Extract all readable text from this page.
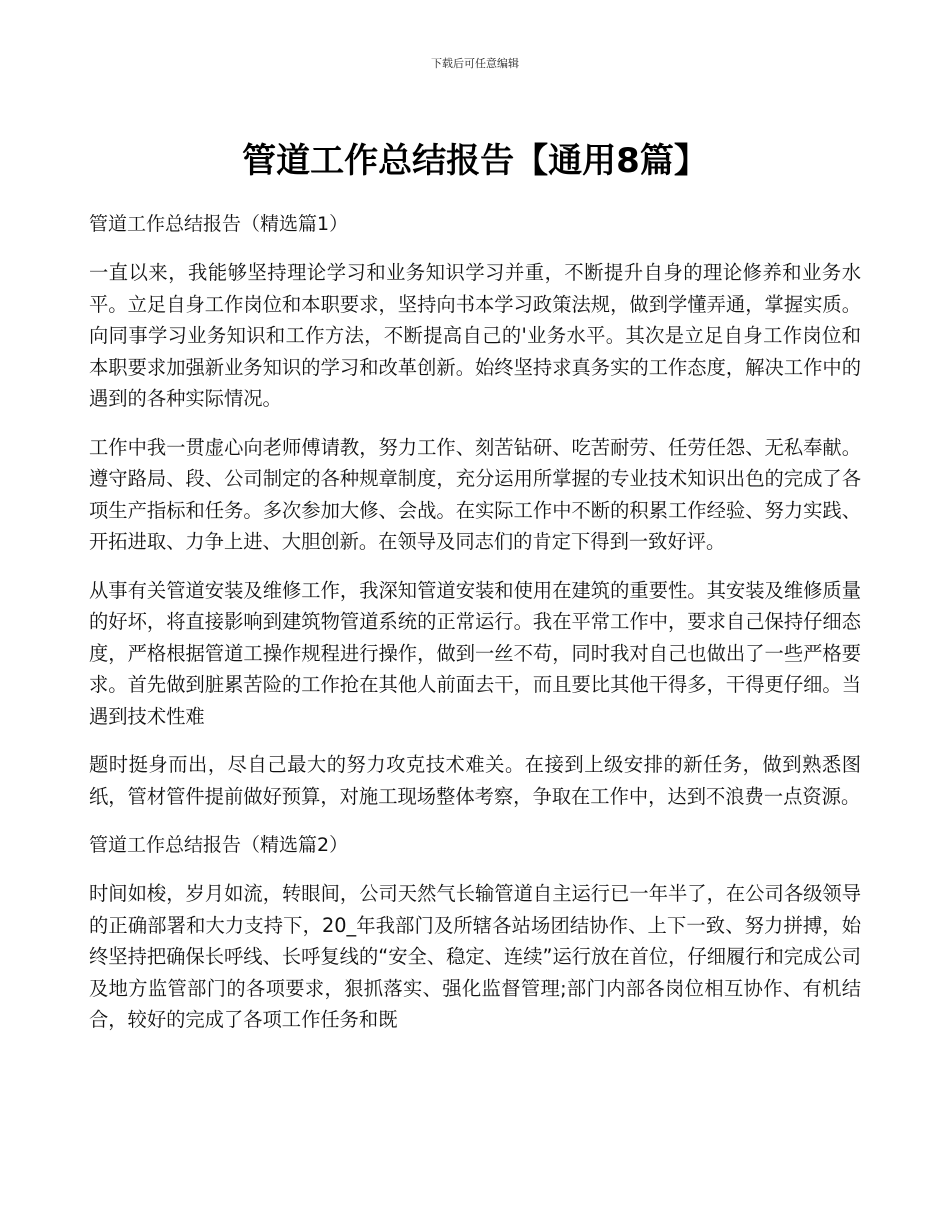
下载后可任意编辑
管道工作总结报告【通用8篇】

管道工作总结报告（精选篇1）

一直以来，我能够坚持理论学习和业务知识学习并重，不断提升自身的理论修养和业务水平。立足自身工作岗位和本职要求，坚持向书本学习政策法规，做到学懂弄通，掌握实质。向同事学习业务知识和工作方法，不断提高自己的'业务水平。其次是立足自身工作岗位和本职要求加强新业务知识的学习和改革创新。始终坚持求真务实的工作态度，解决工作中的遇到的各种实际情况。

工作中我一贯虚心向老师傅请教，努力工作、刻苦钻研、吃苦耐劳、任劳任怨、无私奉献。遵守路局、段、公司制定的各种规章制度，充分运用所掌握的专业技术知识出色的完成了各项生产指标和任务。多次参加大修、会战。在实际工作中不断的积累工作经验、努力实践、开拓进取、力争上进、大胆创新。在领导及同志们的肯定下得到一致好评。

从事有关管道安装及维修工作，我深知管道安装和使用在建筑的重要性。其安装及维修质量的好坏，将直接影响到建筑物管道系统的正常运行。我在平常工作中，要求自己保持仔细态度，严格根据管道工操作规程进行操作，做到一丝不苟，同时我对自己也做出了一些严格要求。首先做到脏累苦险的工作抢在其他人前面去干，而且要比其他干得多，干得更仔细。当遇到技术性难

题时挺身而出，尽自己最大的努力攻克技术难关。在接到上级安排的新任务，做到熟悉图纸，管材管件提前做好预算，对施工现场整体考察，争取在工作中，达到不浪费一点资源。

管道工作总结报告（精选篇2）

时间如梭，岁月如流，转眼间，公司天然气长输管道自主运行已一年半了，在公司各级领导的正确部署和大力支持下，20_年我部门及所辖各站场团结协作、上下一致、努力拼搏，始终坚持把确保长呼线、长呼复线的“安全、稳定、连续”运行放在首位，仔细履行和完成公司及地方监管部门的各项要求，狠抓落实、强化监督管理;部门内部各岗位相互协作、有机结合，较好的完成了各项工作任务和既
